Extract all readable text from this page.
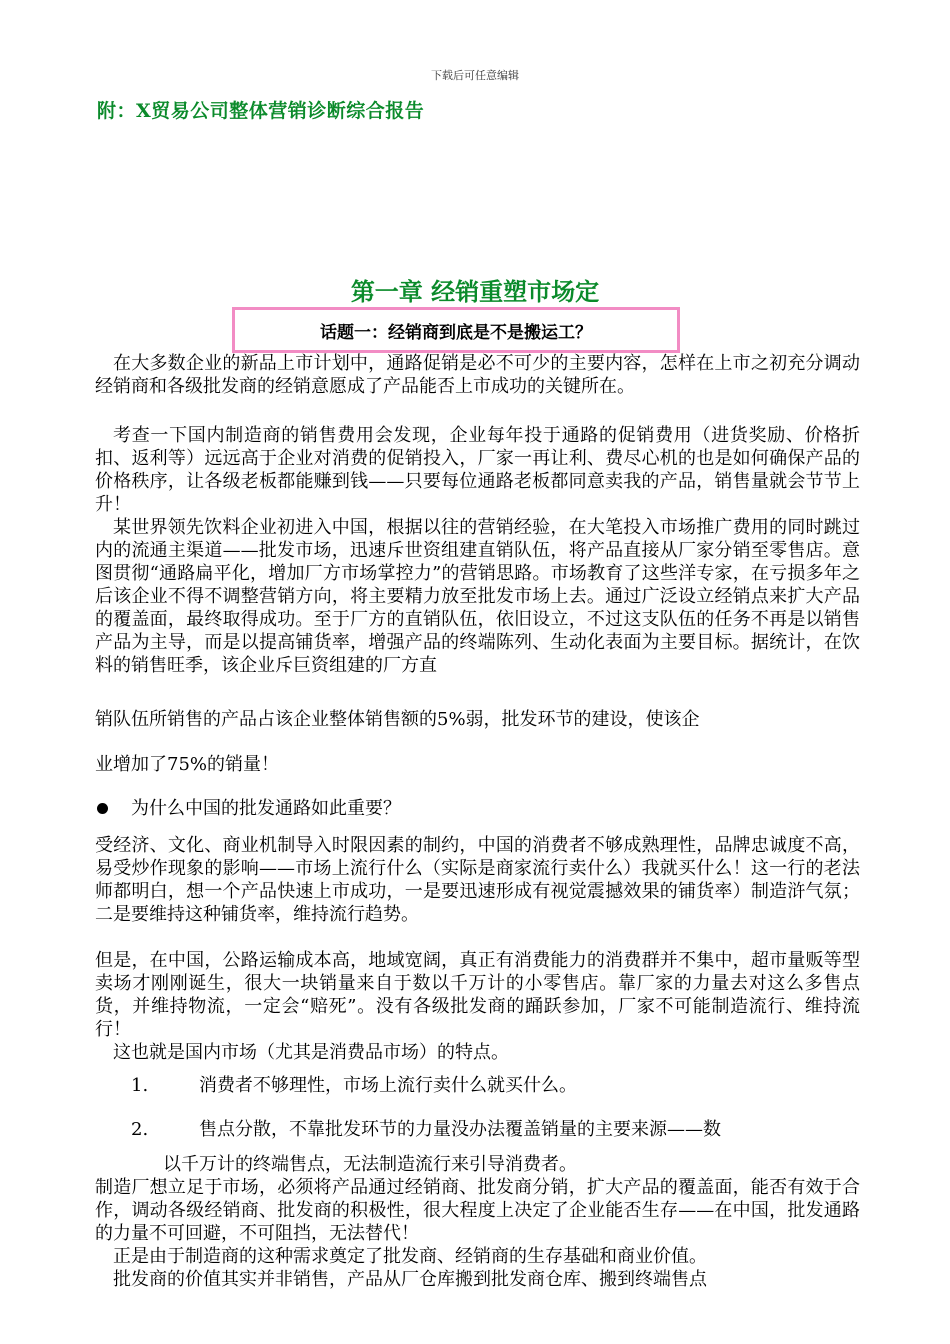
下载后可任意编辑
附：X贸易公司整体营销诊断综合报告
第一章 经销重塑市场定
话题一：经销商到底是不是搬运工？
在大多数企业的新品上市计划中，通路促销是必不可少的主要内容，怎样在上市之初充分调动经销商和各级批发商的经销意愿成了产品能否上市成功的关键所在。
考查一下国内制造商的销售费用会发现，企业每年投于通路的促销费用（进货奖励、价格折扣、返利等）远远高于企业对消费的促销投入，厂家一再让利、费尽心机的也是如何确保产品的价格秩序，让各级老板都能赚到钱——只要每位通路老板都同意卖我的产品，销售量就会节节上升！
某世界领先饮料企业初进入中国，根据以往的营销经验，在大笔投入市场推广费用的同时跳过内的流通主渠道——批发市场，迅速斥世资组建直销队伍，将产品直接从厂家分销至零售店。意图贯彻“通路扁平化，增加厂方市场掌控力”的营销思路。市场教育了这些洋专家，在亏损多年之后该企业不得不调整营销方向，将主要精力放至批发市场上去。通过广泛设立经销点来扩大产品的覆盖面，最终取得成功。至于厂方的直销队伍，依旧设立，不过这支队伍的任务不再是以销售产品为主导，而是以提高铺货率，增强产品的终端陈列、生动化表面为主要目标。据统计，在饮料的销售旺季，该企业斥巨资组建的厂方直
销队伍所销售的产品占该企业整体销售额的5%弱，批发环节的建设，使该企
业增加了75%的销量！
为什么中国的批发通路如此重要？
受经济、文化、商业机制导入时限因素的制约，中国的消费者不够成熟理性，品牌忠诚度不高，易受炒作现象的影响——市场上流行什么（实际是商家流行卖什么）我就买什么！这一行的老法师都明白，想一个产品快速上市成功，一是要迅速形成有视觉震撼效果的铺货率）制造浒气氛；二是要维持这种铺货率，维持流行趋势。
但是，在中国，公路运输成本高，地域宽阔，真正有消费能力的消费群并不集中，超市量贩等型卖场才刚刚诞生，很大一块销量来自于数以千万计的小零售店。靠厂家的力量去对这么多售点货，并维持物流，一定会“赔死”。没有各级批发商的踊跃参加，厂家不可能制造流行、维持流行！
这也就是国内市场（尤其是消费品市场）的特点。
1.	消费者不够理性，市场上流行卖什么就买什么。
2.	售点分散，不靠批发环节的力量没办法覆盖销量的主要来源——数
以千万计的终端售点，无法制造流行来引导消费者。
制造厂想立足于市场，必须将产品通过经销商、批发商分销，扩大产品的覆盖面，能否有效于合作，调动各级经销商、批发商的积极性，很大程度上决定了企业能否生存——在中国，批发通路的力量不可回避，不可阻挡，无法替代！
正是由于制造商的这种需求奠定了批发商、经销商的生存基础和商业价值。
批发商的价值其实并非销售，产品从厂仓库搬到批发商仓库、搬到终端售点
